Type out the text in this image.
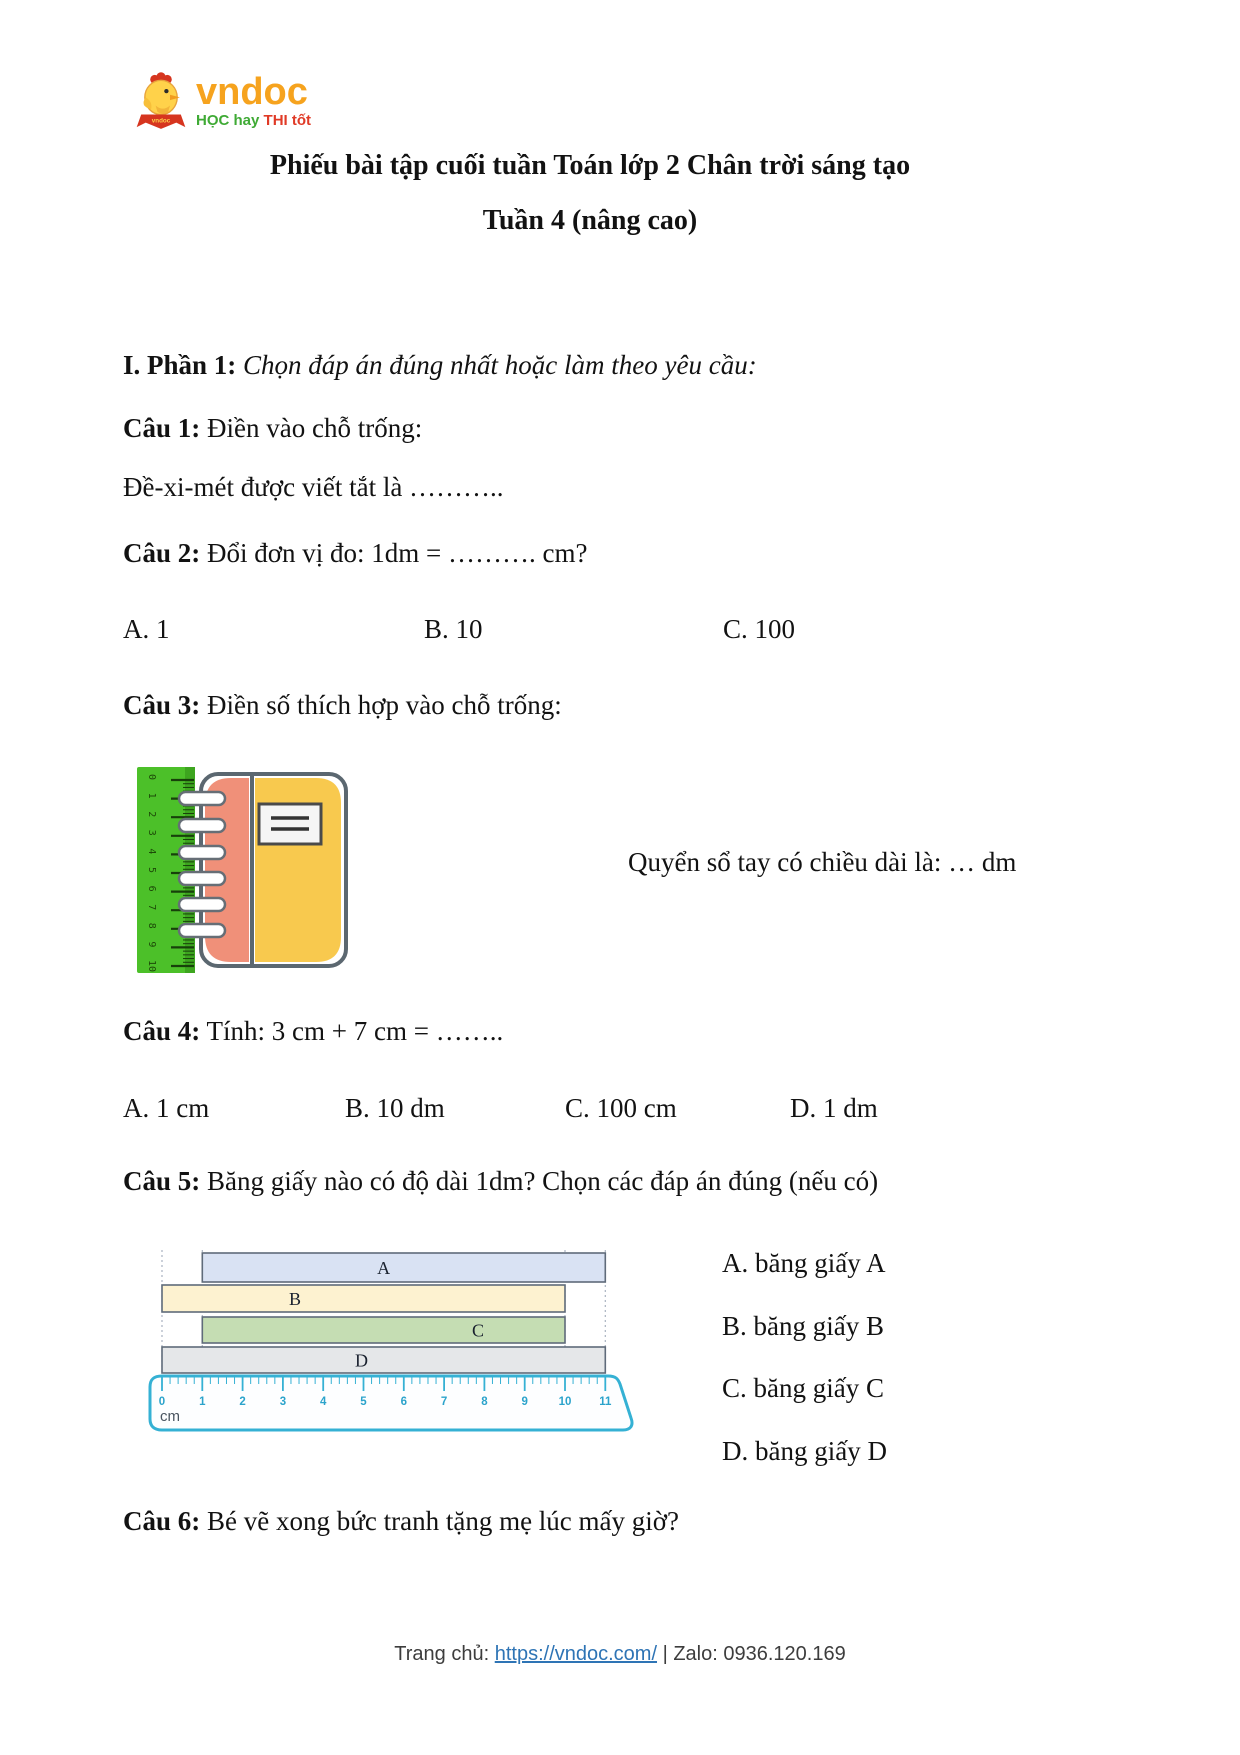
vndoc
vndoc
HỌC hay THI tốt
Phiếu bài tập cuối tuần Toán lớp 2 Chân trời sáng tạo
Tuần 4 (nâng cao)
I. Phần 1: Chọn đáp án đúng nhất hoặc làm theo yêu cầu:
Câu 1: Điền vào chỗ trống:
Đề-xi-mét được viết tắt là ………..
Câu 2: Đổi đơn vị đo: 1dm = ………. cm?
A. 1	B. 10	C. 100
Câu 3: Điền số thích hợp vào chỗ trống:
0
1
2
3
4
5
6
7
8
9
10
Quyển sổ tay có chiều dài là: … dm
Câu 4: Tính: 3 cm + 7 cm = ……..
A. 1 cm	B. 10 dm	C. 100 cm	D. 1 dm
Câu 5: Băng giấy nào có độ dài 1dm? Chọn các đáp án đúng (nếu có)
A
B
C
D
0	1	2	3	4	5	6	7	8	9	10 11
cm
A. băng giấy A
B. băng giấy B
C. băng giấy C
D. băng giấy D
Câu 6: Bé vẽ xong bức tranh tặng mẹ lúc mấy giờ?
Trang chủ: https://vndoc.com/ | Zalo: 0936.120.169
